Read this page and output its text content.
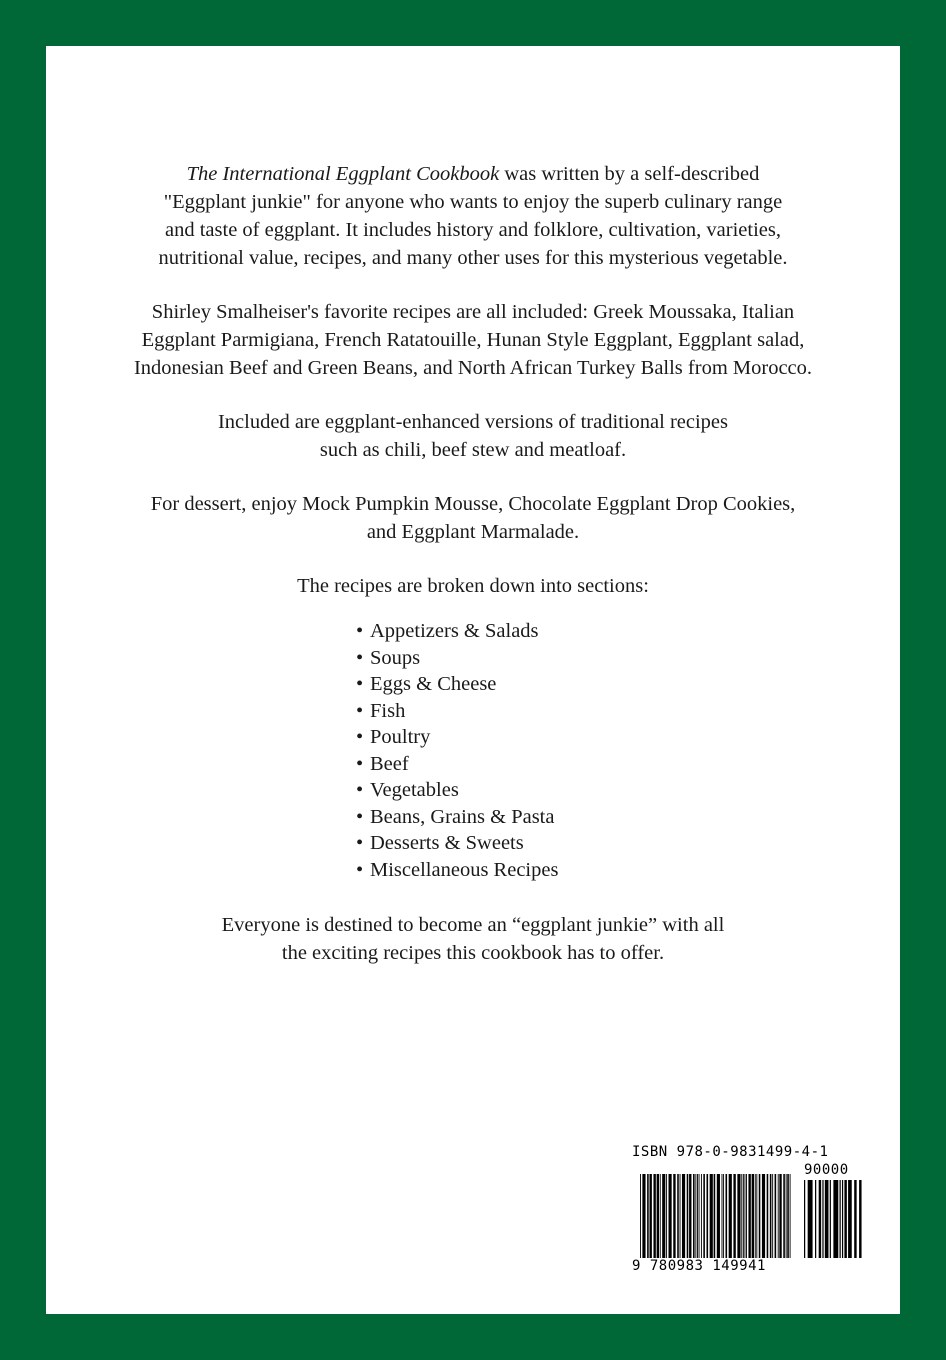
The International Eggplant Cookbook was written by a self-described
"Eggplant junkie" for anyone who wants to enjoy the superb culinary range
and taste of eggplant. It includes history and folklore, cultivation, varieties,
nutritional value, recipes, and many other uses for this mysterious vegetable.

Shirley Smalheiser's favorite recipes are all included: Greek Moussaka, Italian
Eggplant Parmigiana, French Ratatouille, Hunan Style Eggplant, Eggplant salad,
Indonesian Beef and Green Beans, and North African Turkey Balls from Morocco.

Included are eggplant-enhanced versions of traditional recipes
such as chili, beef stew and meatloaf.

For dessert, enjoy Mock Pumpkin Mousse, Chocolate Eggplant Drop Cookies,
and Eggplant Marmalade.

The recipes are broken down into sections:

• Appetizers & Salads
• Soups
• Eggs & Cheese
• Fish
• Poultry
• Beef
• Vegetables
• Beans, Grains & Pasta
• Desserts & Sweets
• Miscellaneous Recipes

Everyone is destined to become an “eggplant junkie” with all
the exciting recipes this cookbook has to offer.

ISBN 978-0-9831499-4-1
90000
9 780983 149941
